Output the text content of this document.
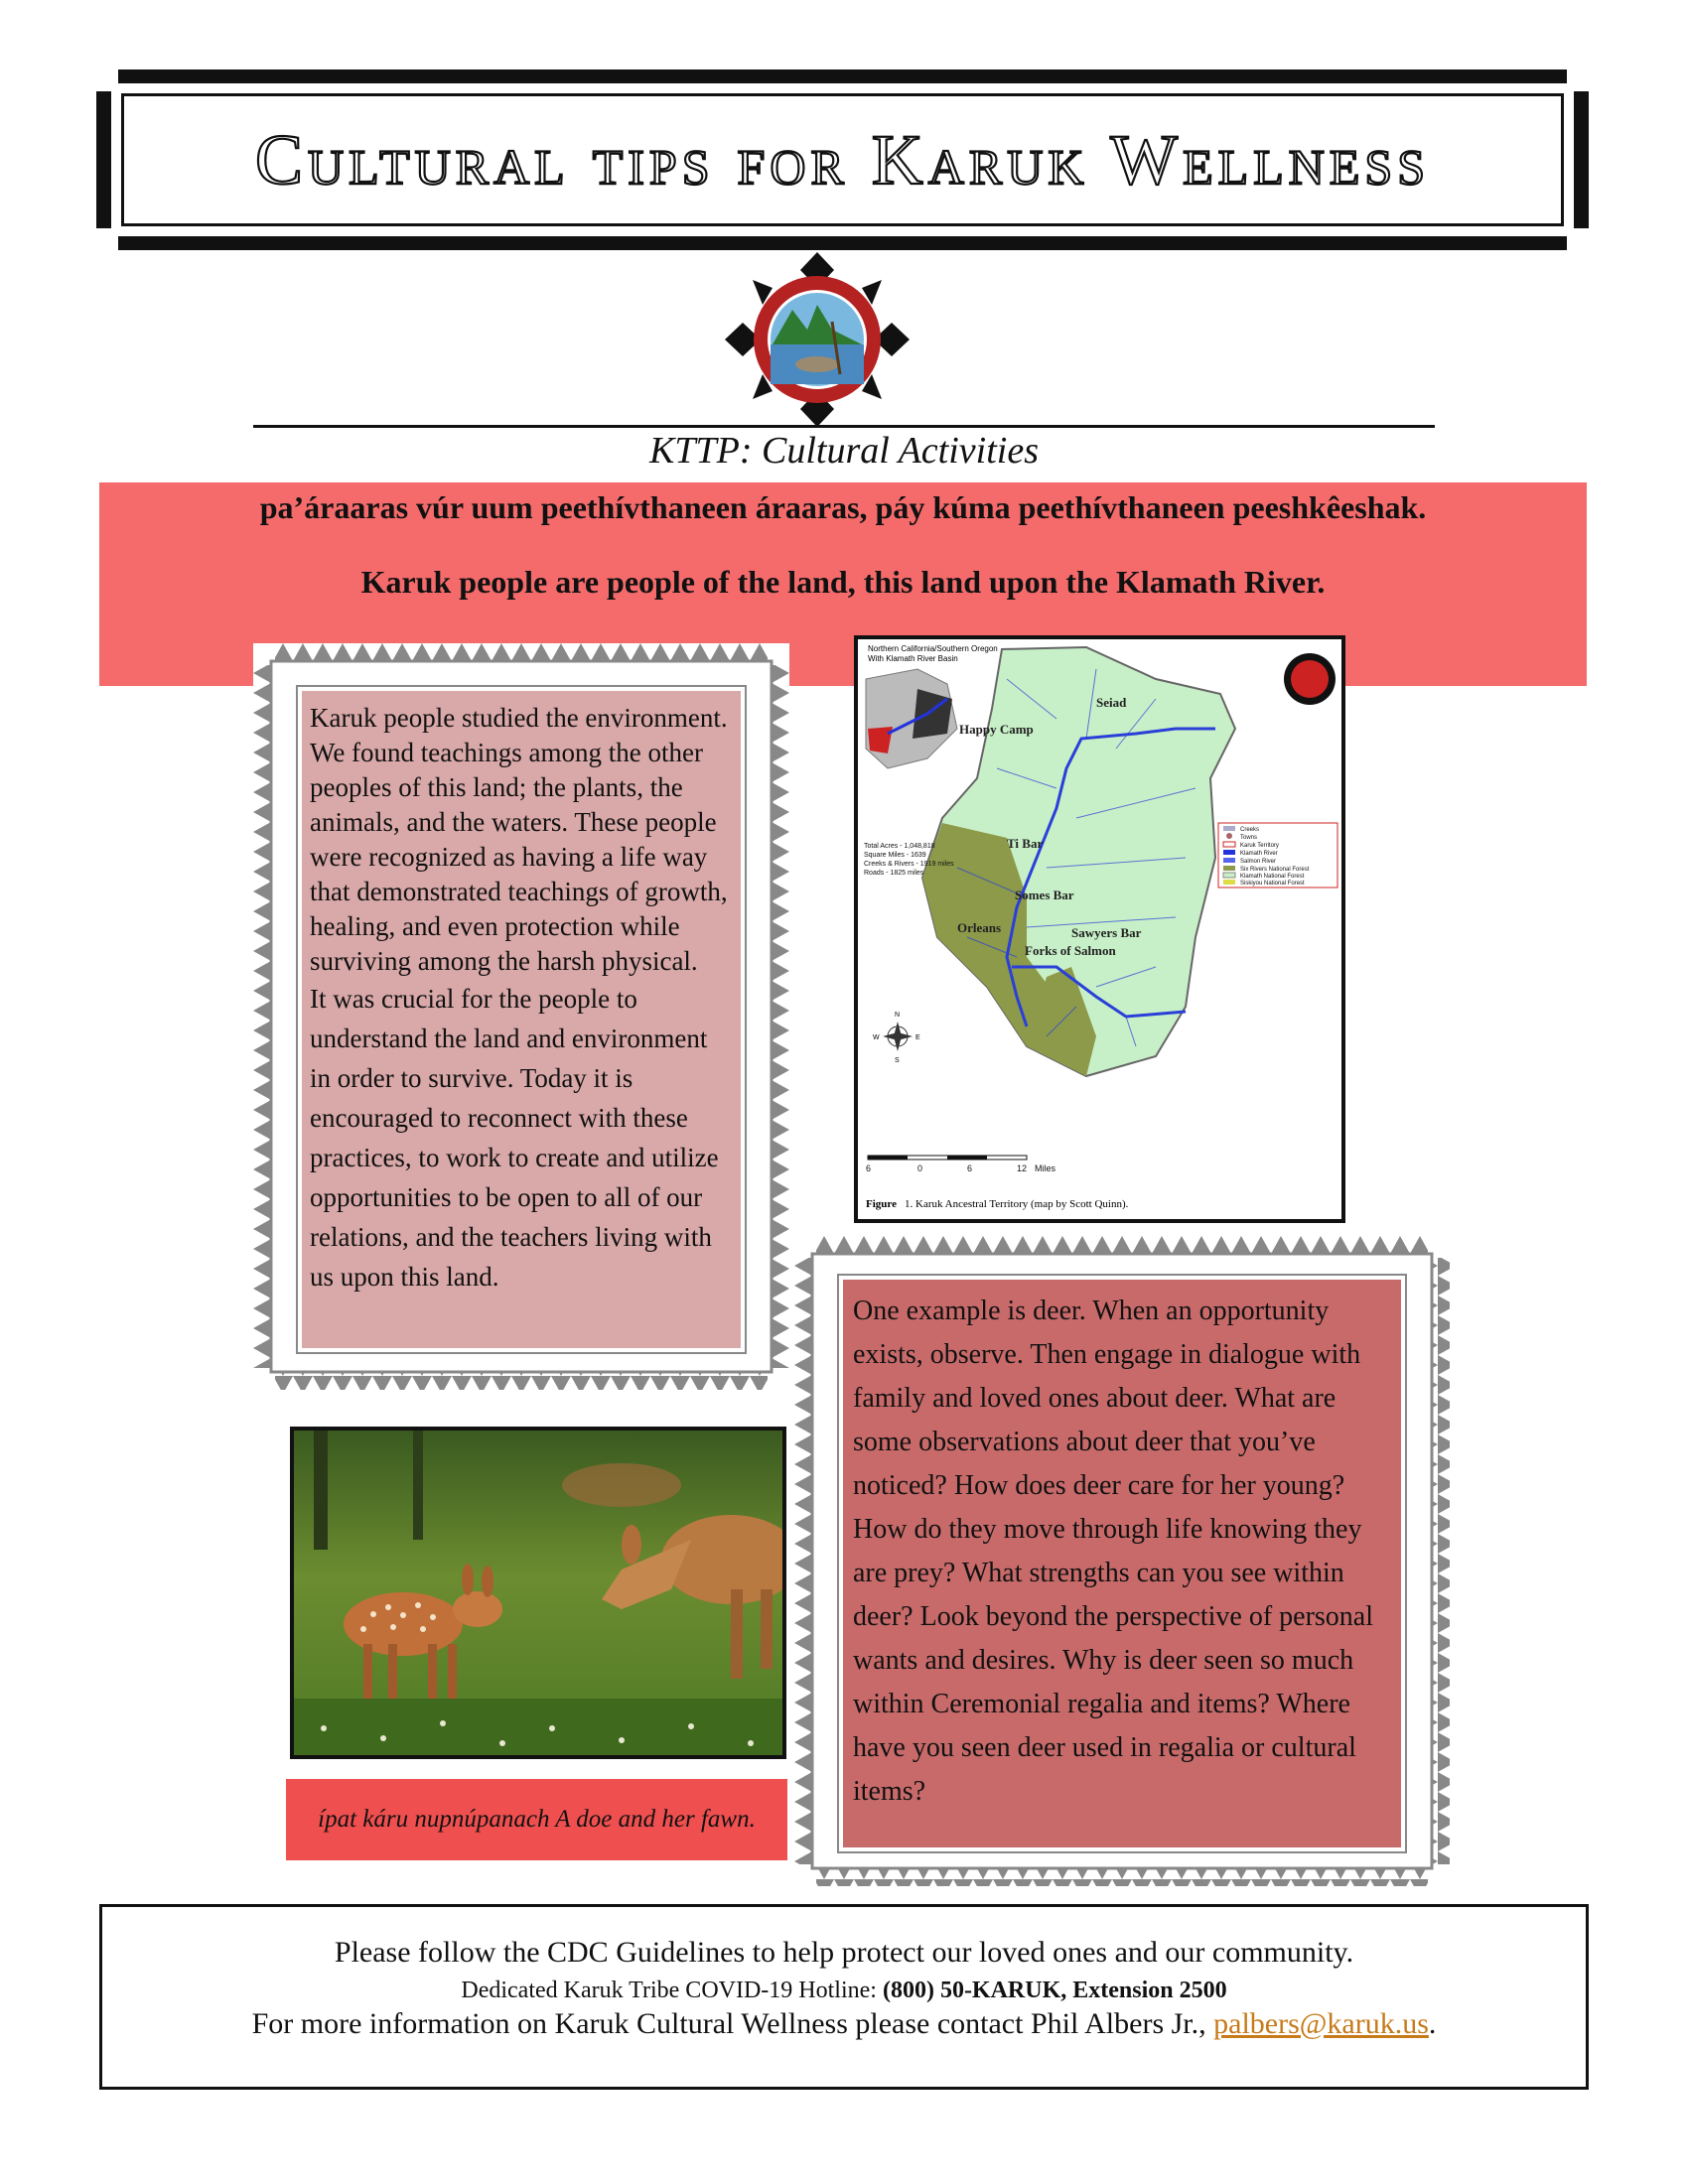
Cultural tips for Karuk Wellness
KTTP: Cultural Activities
pa’áraaras vúr uum peethívthaneen áraaras, páy kúma peethívthaneen peeshkêeshak.
Karuk people are people of the land, this land upon the Klamath River.
Karuk people studied the environment. We found teachings among the other peoples of this land; the plants, the animals, and the waters. These people were recognized as having a life way that demonstrated teachings of growth, healing, and even protection while surviving among the harsh physical.
It was crucial for the people to understand the land and environment in order to survive. Today it is encouraged to reconnect with these practices, to work to create and utilize opportunities to be open to all of our relations, and the teachers living with us upon this land.
Northern California/Southern Oregon
With Klamath River Basin
Seiad
Happy Camp
Ti Bar
Somes Bar
Orleans	Sawyers Bar
Forks of Salmon
Total Acres - 1,048,818
Square Miles - 1639
Creeks & Rivers - 1919 miles
Roads - 1825 miles
Creeks
Towns
Karuk Territory
Klamath River
Salmon River
Six Rivers National Forest
Klamath National Forest
Siskiyou National Forest
N
S
E
W
6	0	6	12 Miles
Figure 1. Karuk Ancestral Territory (map by Scott Quinn).
One example is deer. When an opportunity exists, observe. Then engage in dialogue with family and loved ones about deer. What are some observations about deer that you’ve noticed? How does deer care for her young? How do they move through life knowing they are prey? What strengths can you see within deer? Look beyond the perspective of personal wants and desires. Why is deer seen so much within Ceremonial regalia and items? Where have you seen deer used in regalia or cultural items?
ípat káru nupnúpanach A doe and her fawn.
Please follow the CDC Guidelines to help protect our loved ones and our community.
Dedicated Karuk Tribe COVID-19 Hotline: (800) 50-KARUK, Extension 2500
For more information on Karuk Cultural Wellness please contact Phil Albers Jr., palbers@karuk.us.
